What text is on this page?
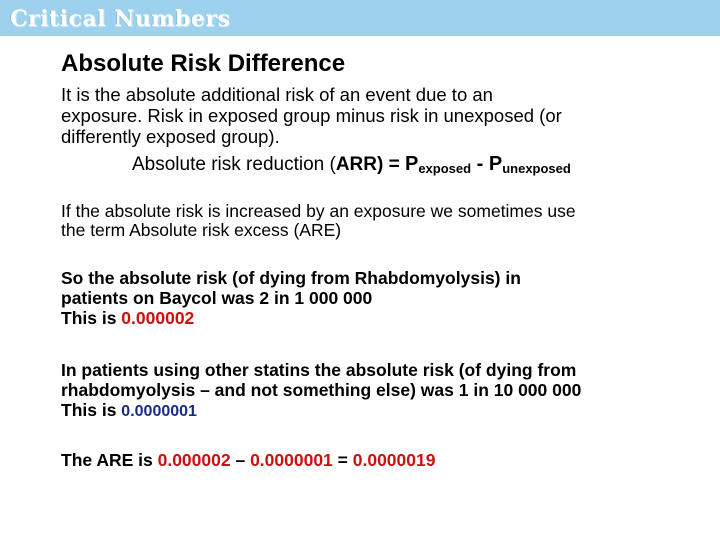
Critical Numbers
Absolute Risk Difference
It is the absolute additional risk of an event due to an
exposure. Risk in exposed group minus risk in unexposed (or
differently exposed group).
Absolute risk reduction $(ARR) = P_{exposed} - P_{unexposed}$
If the absolute risk is increased by an exposure we sometimes use
the term Absolute risk excess (ARE)
So the absolute risk (of dying from Rhabdomyolysis) in
patients on Baycol was 2 in 1 000 000
This is 0.000002
In patients using other statins the absolute risk (of dying from
rhabdomyolysis – and not something else) was 1 in 10 000 000
This is 0.0000001
The ARE is 0.000002 – 0.0000001 = 0.0000019
